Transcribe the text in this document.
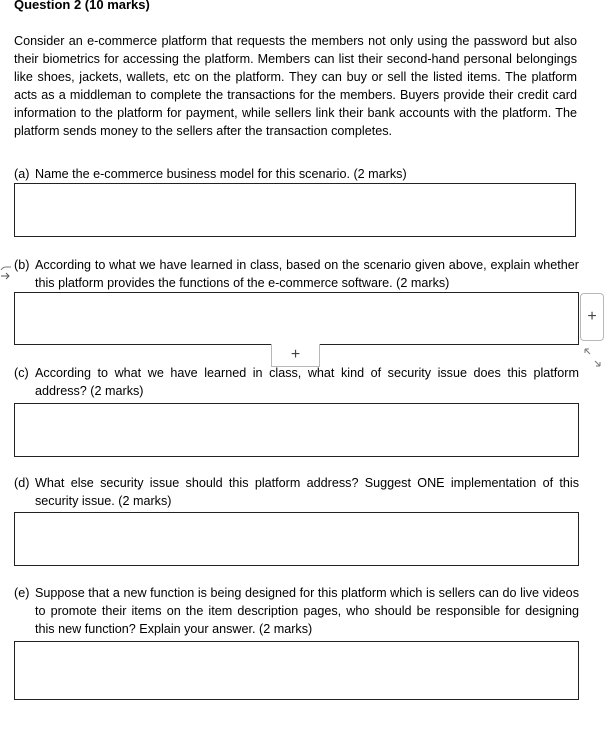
Question 2 (10 marks)
Consider an e-commerce platform that requests the members not only using the password but also their biometrics for accessing the platform. Members can list their second-hand personal belongings like shoes, jackets, wallets, etc on the platform. They can buy or sell the listed items. The platform acts as a middleman to complete the transactions for the members. Buyers provide their credit card information to the platform for payment, while sellers link their bank accounts with the platform. The platform sends money to the sellers after the transaction completes.
(a) Name the e-commerce business model for this scenario. (2 marks)
(b) According to what we have learned in class, based on the scenario given above, explain whether this platform provides the functions of the e-commerce software. (2 marks)
+
+
(c) According to what we have learned in class, what kind of security issue does this platform address? (2 marks)
(d) What else security issue should this platform address? Suggest ONE implementation of this security issue. (2 marks)
(e) Suppose that a new function is being designed for this platform which is sellers can do live videos to promote their items on the item description pages, who should be responsible for designing this new function? Explain your answer. (2 marks)
